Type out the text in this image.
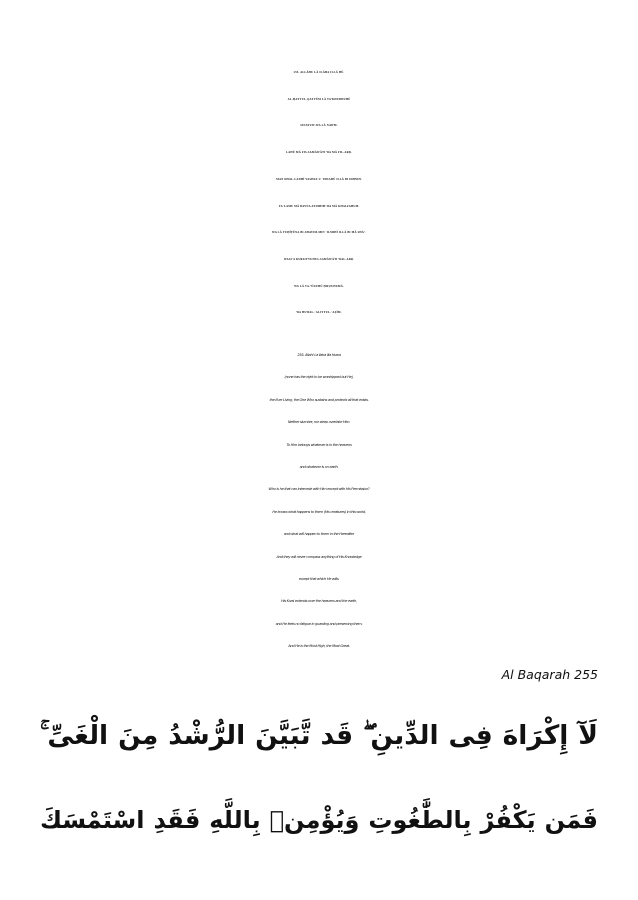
255. ALLĀHU LĀ ILĀHA ILLĀ HŪ.
AL-ḤAYYUL-QAYYŪM LĀ TA’KHUDHUHŪ
SINATUW-WA LĀ NAWM.
LAHŪ MĀ FIS-SAMĀWĀTI WA MĀ FIL-ARḌ.
MAN DHAL-LADHĪ YASHFA`U `INDAHŪ ILLĀ BI IDHNIH.
YA`LAMU MĀ BAYNA AYDIHIM WA MĀ KHALFAHUM.
WA LĀ YUḤĪṬŪNA BI-SHAYIM-MIN `ILMIHĪ ILLĀ BI MĀ SHĀ’.
WASI`A KURSIYYUHUS-SAMĀWĀTI WAL-ARḌ.
WA LĀ YA-‘ŪDUHŪ ḤIFẒUHUMĀ.
WA HUWAL-`ALIYYUL-`AẒĪM.
255. Allah! La ilaha illa Huwa
(none has the right to be worshipped but He),
the Ever Living, the One Who sustains and protects all that exists.
Neither slumber, nor sleep overtake Him.
To Him belongs whatever is in the heavens
and whatever is on earth.
Who is he that can intercede with Him except with His Permission?
He knows what happens to them (His creatures) in this world,
and what will happen to them in the Hereafter.
And they will never compass anything of His Knowledge
except that which He wills.
His Kursi extends over the heavens and the earth,
and He feels no fatigue in guarding and preserving them.
And He is the Most High, the Most Great.
Al Baqarah 255
لَآ إِكْرَاهَ فِى الدِّينِ ۖ قَد تَّبَيَّنَ الرُّشْدُ مِنَ الْغَىِّ ۚ
فَمَن يَكْفُرْ بِالطَّٰغُوتِ وَيُؤْمِنۢ بِاللَّهِ فَقَدِ اسْتَمْسَكَ
